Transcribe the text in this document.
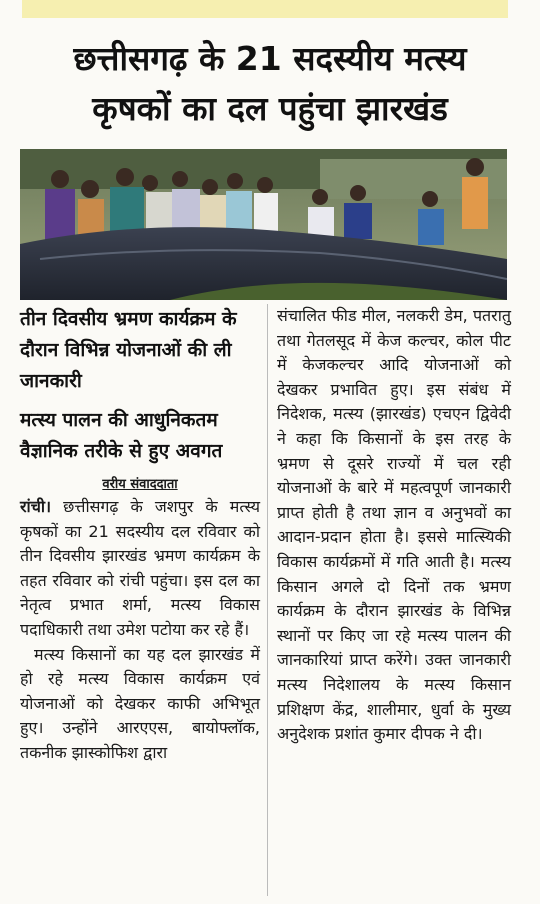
छत्तीसगढ़ के 21 सदस्यीय मत्स्य
कृषकों का दल पहुंचा झारखंड

तीन दिवसीय भ्रमण कार्यक्रम के दौरान विभिन्न योजनाओं की ली जानकारी

मत्स्य पालन की आधुनिकतम वैज्ञानिक तरीके से हुए अवगत

वरीय संवाददाता

रांची। छत्तीसगढ़ के जशपुर के मत्स्य कृषकों का 21 सदस्यीय दल रविवार को तीन दिवसीय झारखंड भ्रमण कार्यक्रम के तहत रविवार को रांची पहुंचा। इस दल का नेतृत्व प्रभात शर्मा, मत्स्य विकास पदाधिकारी तथा उमेश पटोया कर रहे हैं।

मत्स्य किसानों का यह दल झारखंड में हो रहे मत्स्य विकास कार्यक्रम एवं योजनाओं को देखकर काफी अभिभूत हुए। उन्होंने आरएएस, बायोफ्लॉक, तकनीक झास्कोफिश द्वारा

संचालित फीड मील, नलकरी डेम, पतरातु तथा गेतलसूद में केज कल्चर, कोल पीट में केजकल्चर आदि योजनाओं को देखकर प्रभावित हुए। इस संबंध में निदेशक, मत्स्य (झारखंड) एचएन द्विवेदी ने कहा कि किसानों के इस तरह के भ्रमण से दूसरे राज्यों में चल रही योजनाओं के बारे में महत्वपूर्ण जानकारी प्राप्त होती है तथा ज्ञान व अनुभवों का आदान-प्रदान होता है। इससे मात्स्यिकी विकास कार्यक्रमों में गति आती है। मत्स्य किसान अगले दो दिनों तक भ्रमण कार्यक्रम के दौरान झारखंड के विभिन्न स्थानों पर किए जा रहे मत्स्य पालन की जानकारियां प्राप्त करेंगे। उक्त जानकारी मत्स्य निदेशालय के मत्स्य किसान प्रशिक्षण केंद्र, शालीमार, धुर्वा के मुख्य अनुदेशक प्रशांत कुमार दीपक ने दी।
